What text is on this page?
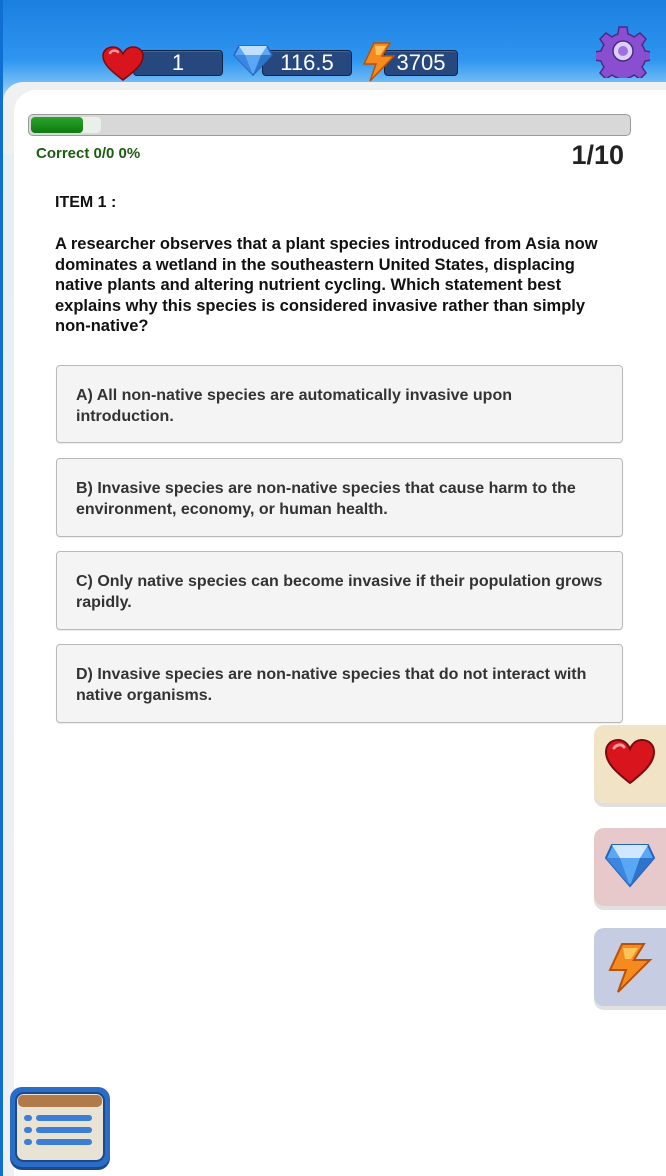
1	116.5	3705
Correct 0/0 0%	1/10
ITEM 1 :
A researcher observes that a plant species introduced from Asia now dominates a wetland in the southeastern United States, displacing native plants and altering nutrient cycling. Which statement best explains why this species is considered invasive rather than simply non-native?
A) All non-native species are automatically invasive upon introduction.
B) Invasive species are non-native species that cause harm to the environment, economy, or human health.
C) Only native species can become invasive if their population grows rapidly.
D) Invasive species are non-native species that do not interact with native organisms.
